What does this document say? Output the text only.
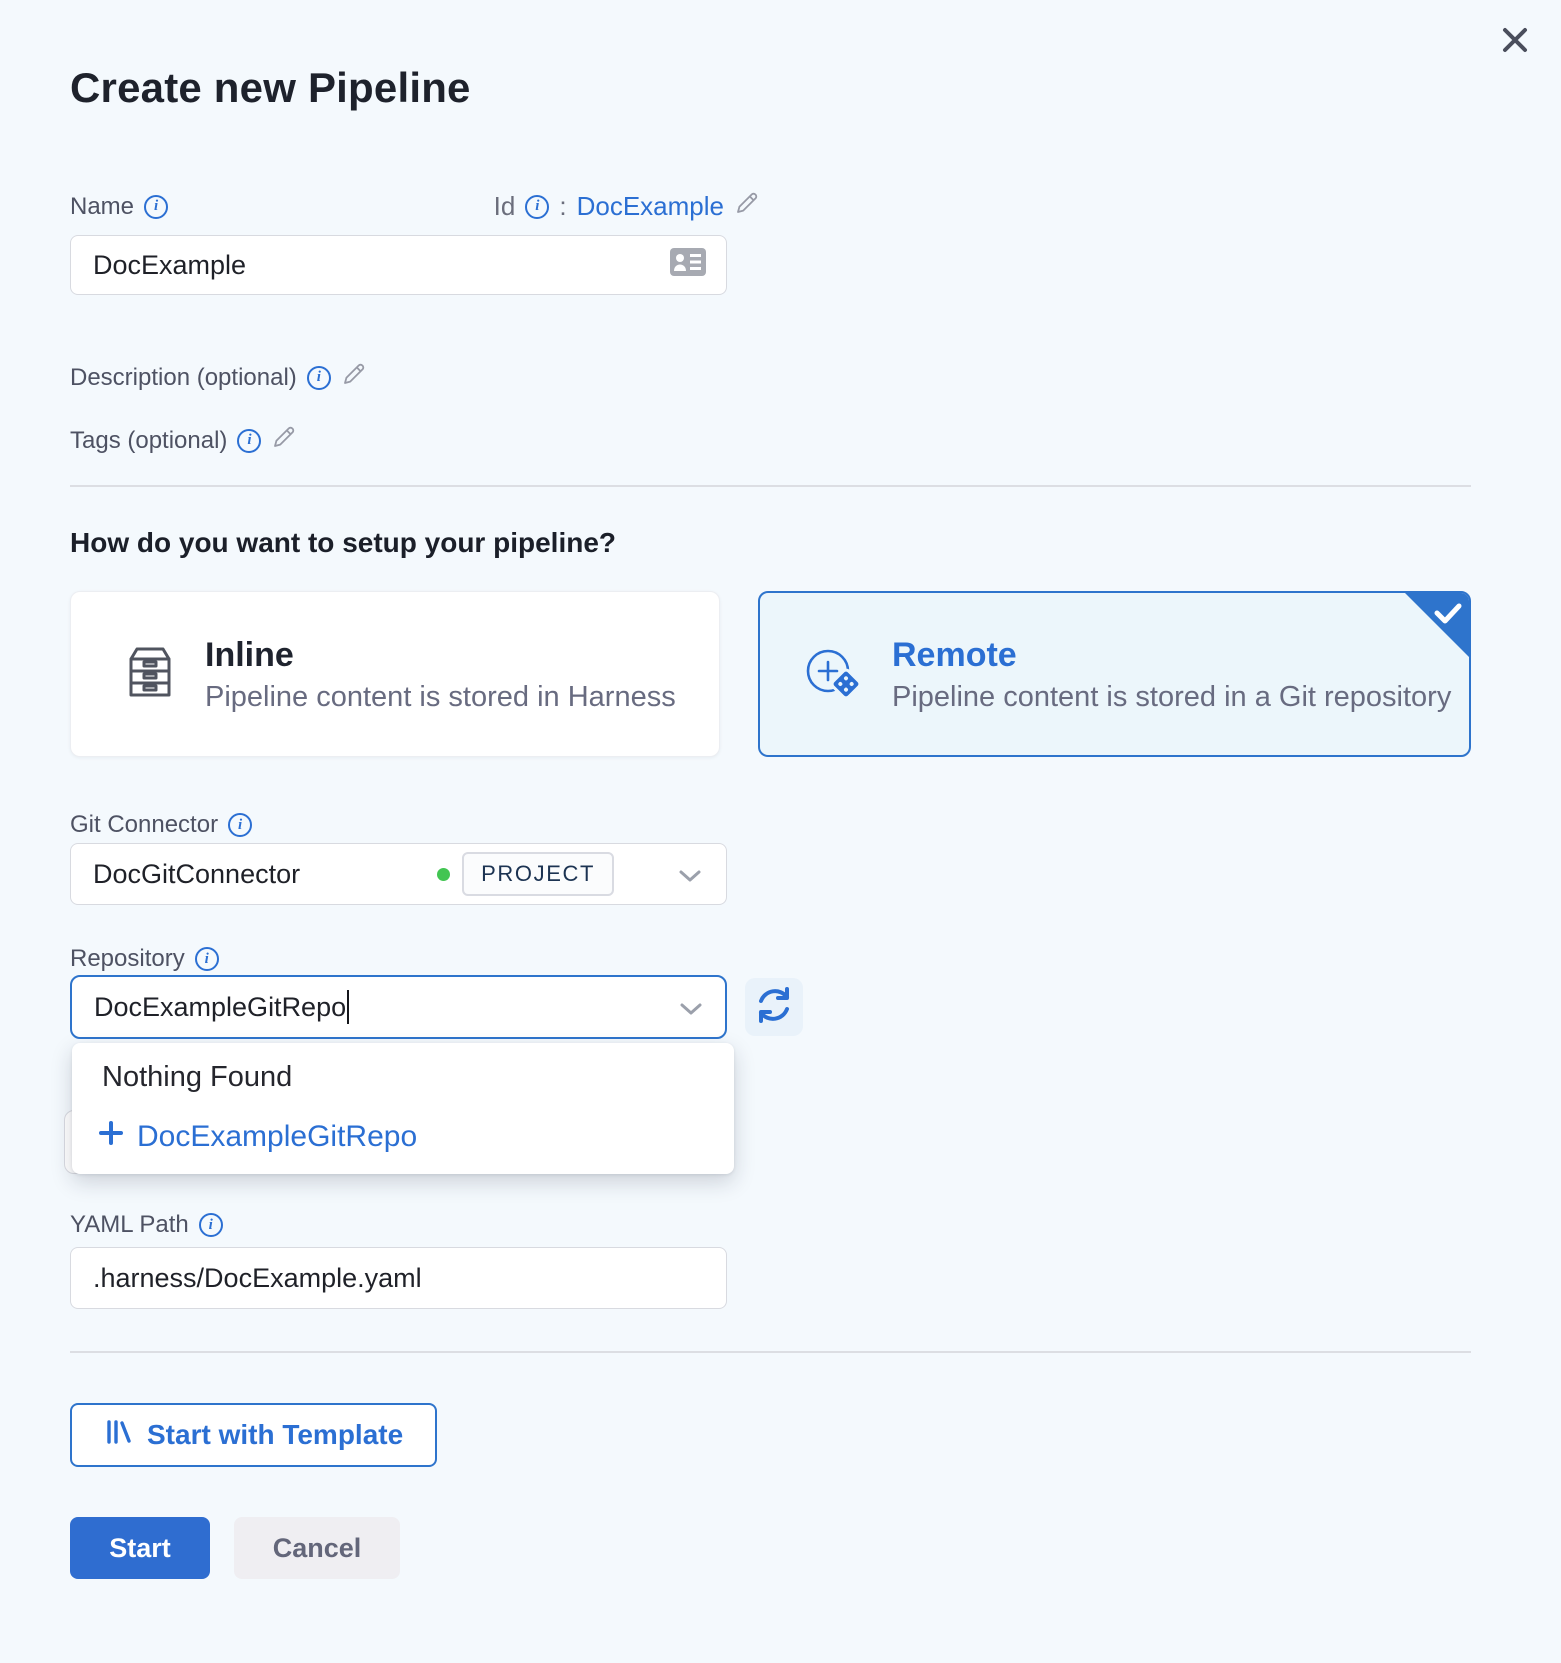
Create new Pipeline
Name	i	Id	i : DocExample
DocExample
Description (optional)	i
Tags (optional)	i
How do you want to setup your pipeline?
Inline
Pipeline content is stored in Harness
Remote
Pipeline content is stored in a Git repository
Git Connector	i
DocGitConnector	PROJECT
Repository	i
DocExampleGitRepo
Nothing Found
DocExampleGitRepo
YAML Path	i
.harness/DocExample.yaml
Start with Template
Start	Cancel
